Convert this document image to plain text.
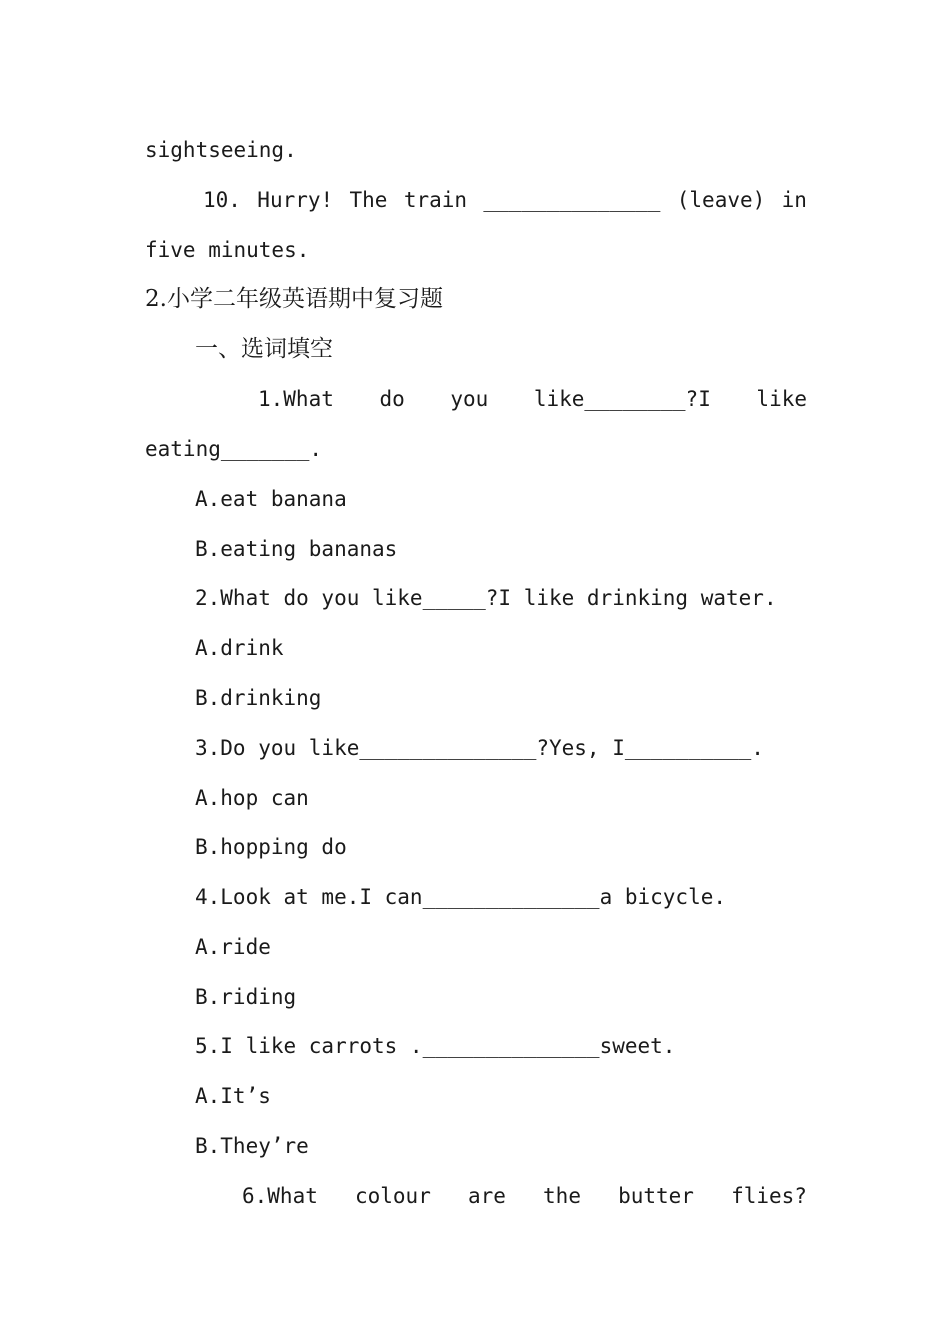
sightseeing.
10. Hurry! The train ______________ (leave) in
five minutes.
2.小学二年级英语期中复习题
一、选词填空
1.What do you like________?I like
eating_______.
A.eat banana
B.eating bananas
2.What do you like_____?I like drinking water.
A.drink
B.drinking
3.Do you like______________?Yes, I__________.
A.hop can
B.hopping do
4.Look at me.I can______________a bicycle.
A.ride
B.riding
5.I like carrots .______________sweet.
A.It’s
B.They’re
6.What colour are the butter flies?
